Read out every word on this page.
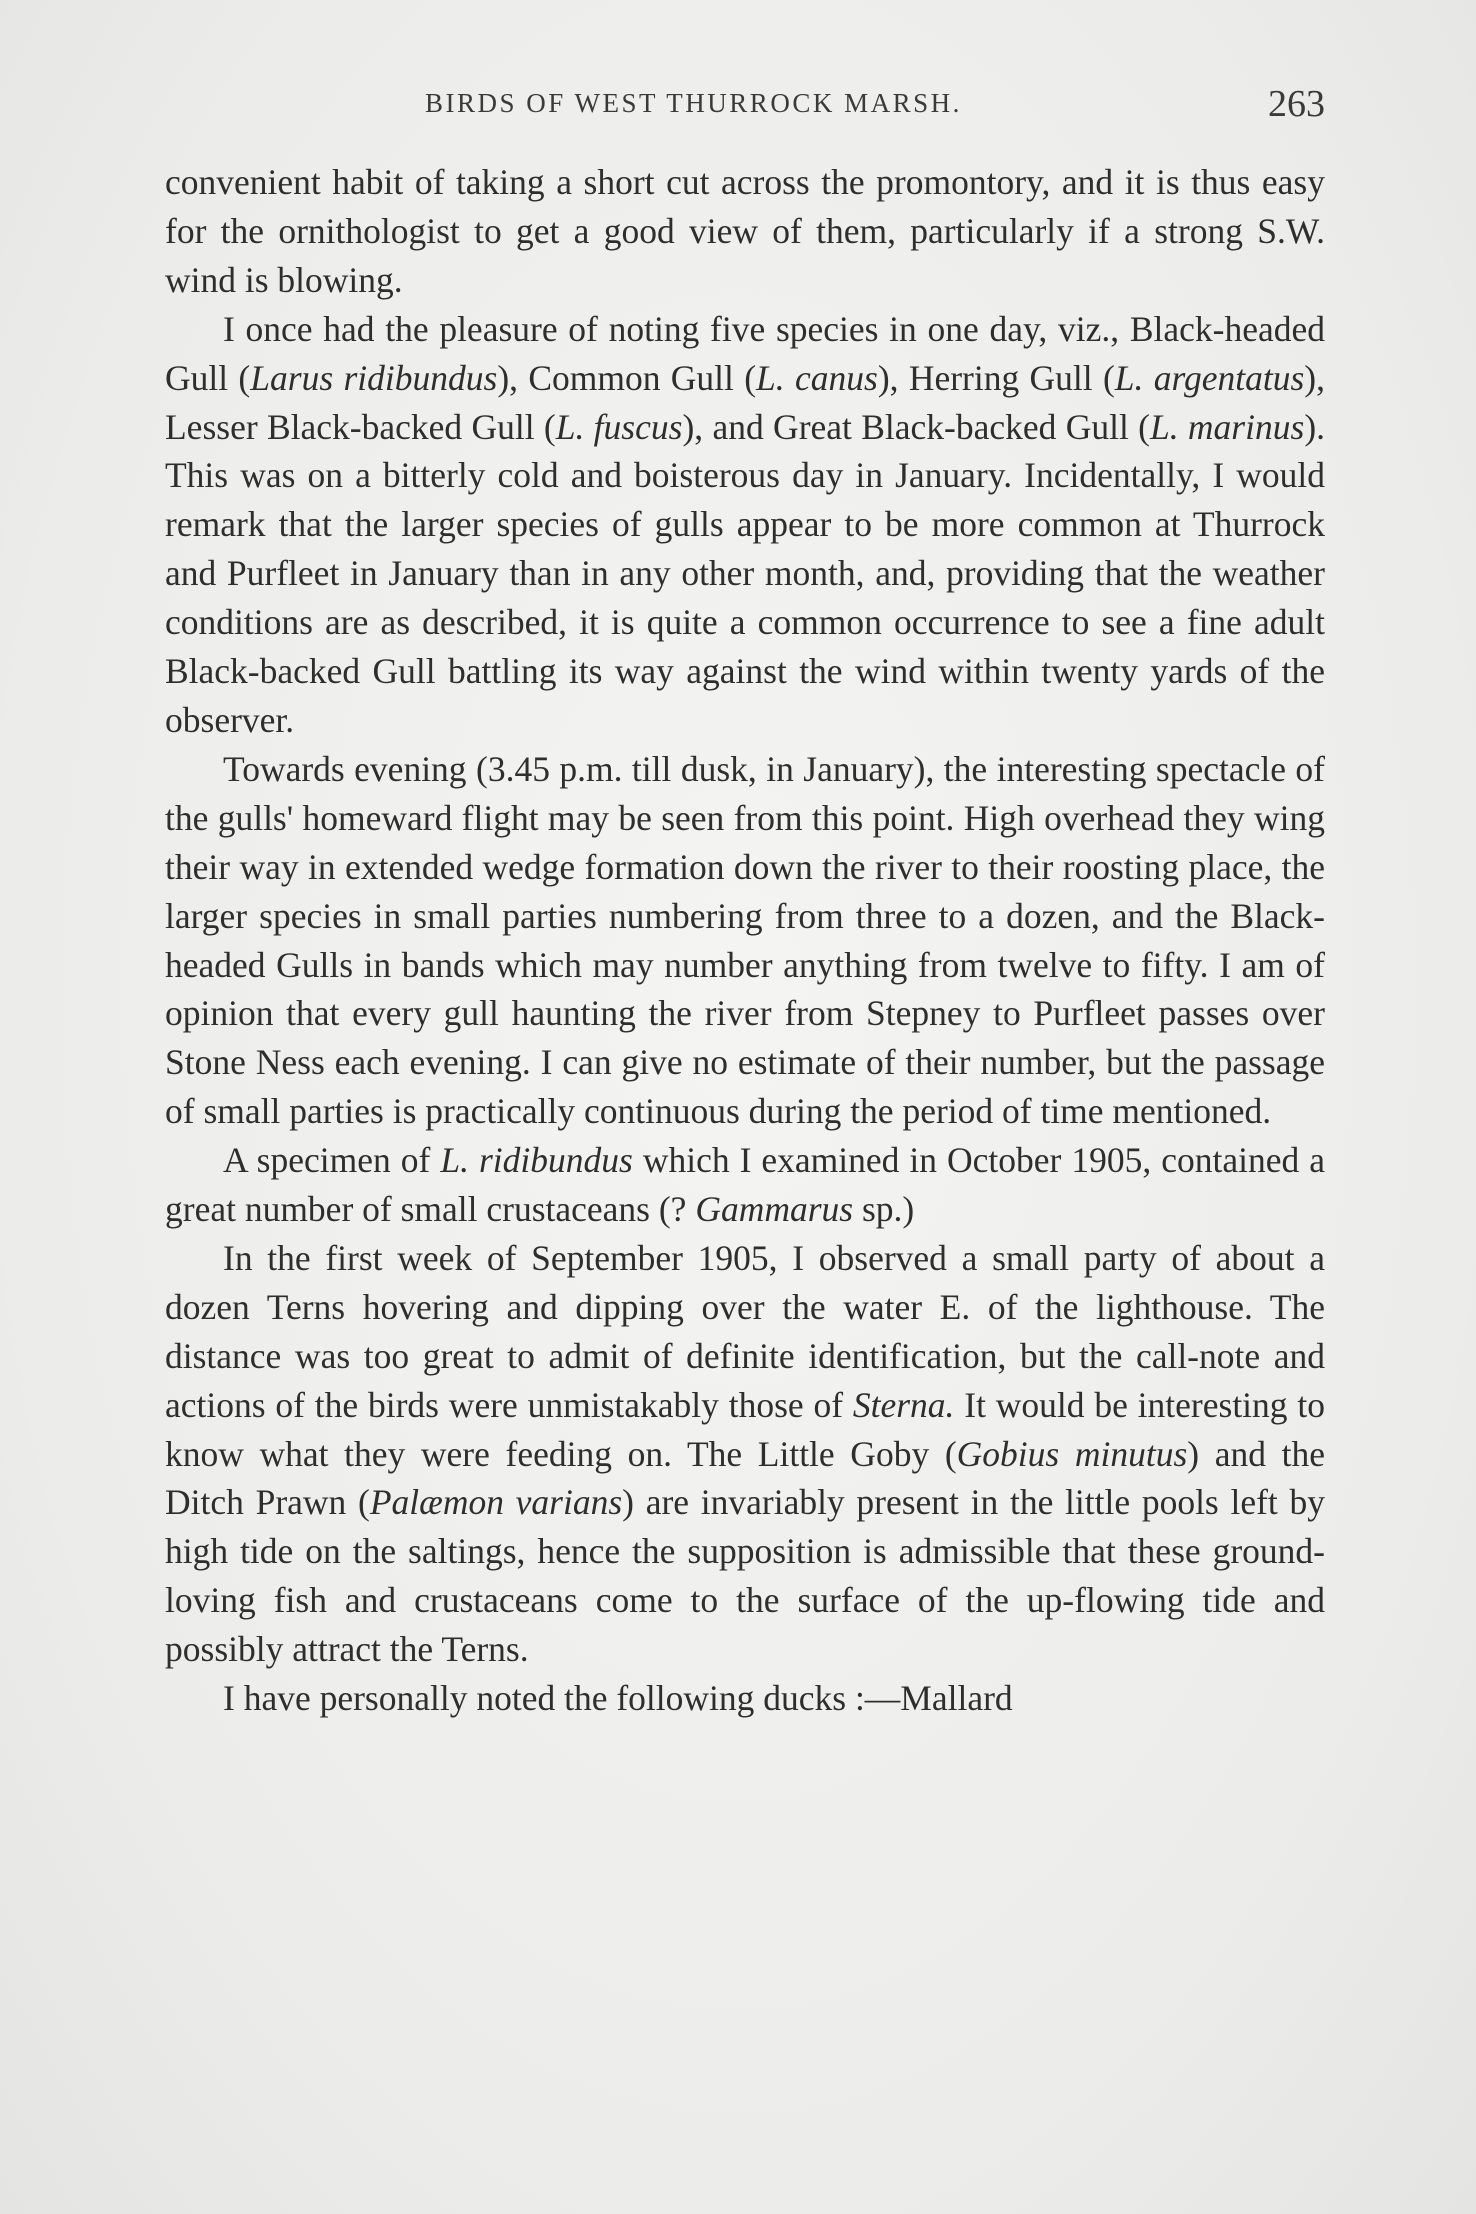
BIRDS OF WEST THURROCK MARSH.	263

convenient habit of taking a short cut across the promontory, and it is thus easy for the ornithologist to get a good view of them, particularly if a strong S.W. wind is blowing.

I once had the pleasure of noting five species in one day, viz., Black-headed Gull (Larus ridibundus), Common Gull (L. canus), Herring Gull (L. argentatus), Lesser Black-backed Gull (L. fuscus), and Great Black-backed Gull (L. marinus). This was on a bitterly cold and boisterous day in January. Incidentally, I would remark that the larger species of gulls appear to be more common at Thurrock and Purfleet in January than in any other month, and, providing that the weather conditions are as described, it is quite a common occurrence to see a fine adult Black-backed Gull battling its way against the wind within twenty yards of the observer.

Towards evening (3.45 p.m. till dusk, in January), the interesting spectacle of the gulls' homeward flight may be seen from this point. High overhead they wing their way in extended wedge formation down the river to their roosting place, the larger species in small parties numbering from three to a dozen, and the Black-headed Gulls in bands which may number anything from twelve to fifty. I am of opinion that every gull haunting the river from Stepney to Purfleet passes over Stone Ness each evening. I can give no estimate of their number, but the passage of small parties is practically continuous during the period of time mentioned.

A specimen of L. ridibundus which I examined in October 1905, contained a great number of small crustaceans (? Gammarus sp.)

In the first week of September 1905, I observed a small party of about a dozen Terns hovering and dipping over the water E. of the lighthouse. The distance was too great to admit of definite identification, but the call-note and actions of the birds were unmistakably those of Sterna. It would be interesting to know what they were feeding on. The Little Goby (Gobius minutus) and the Ditch Prawn (Palæmon varians) are invariably present in the little pools left by high tide on the saltings, hence the supposition is admissible that these ground-loving fish and crustaceans come to the surface of the up-flowing tide and possibly attract the Terns.

I have personally noted the following ducks :—Mallard
